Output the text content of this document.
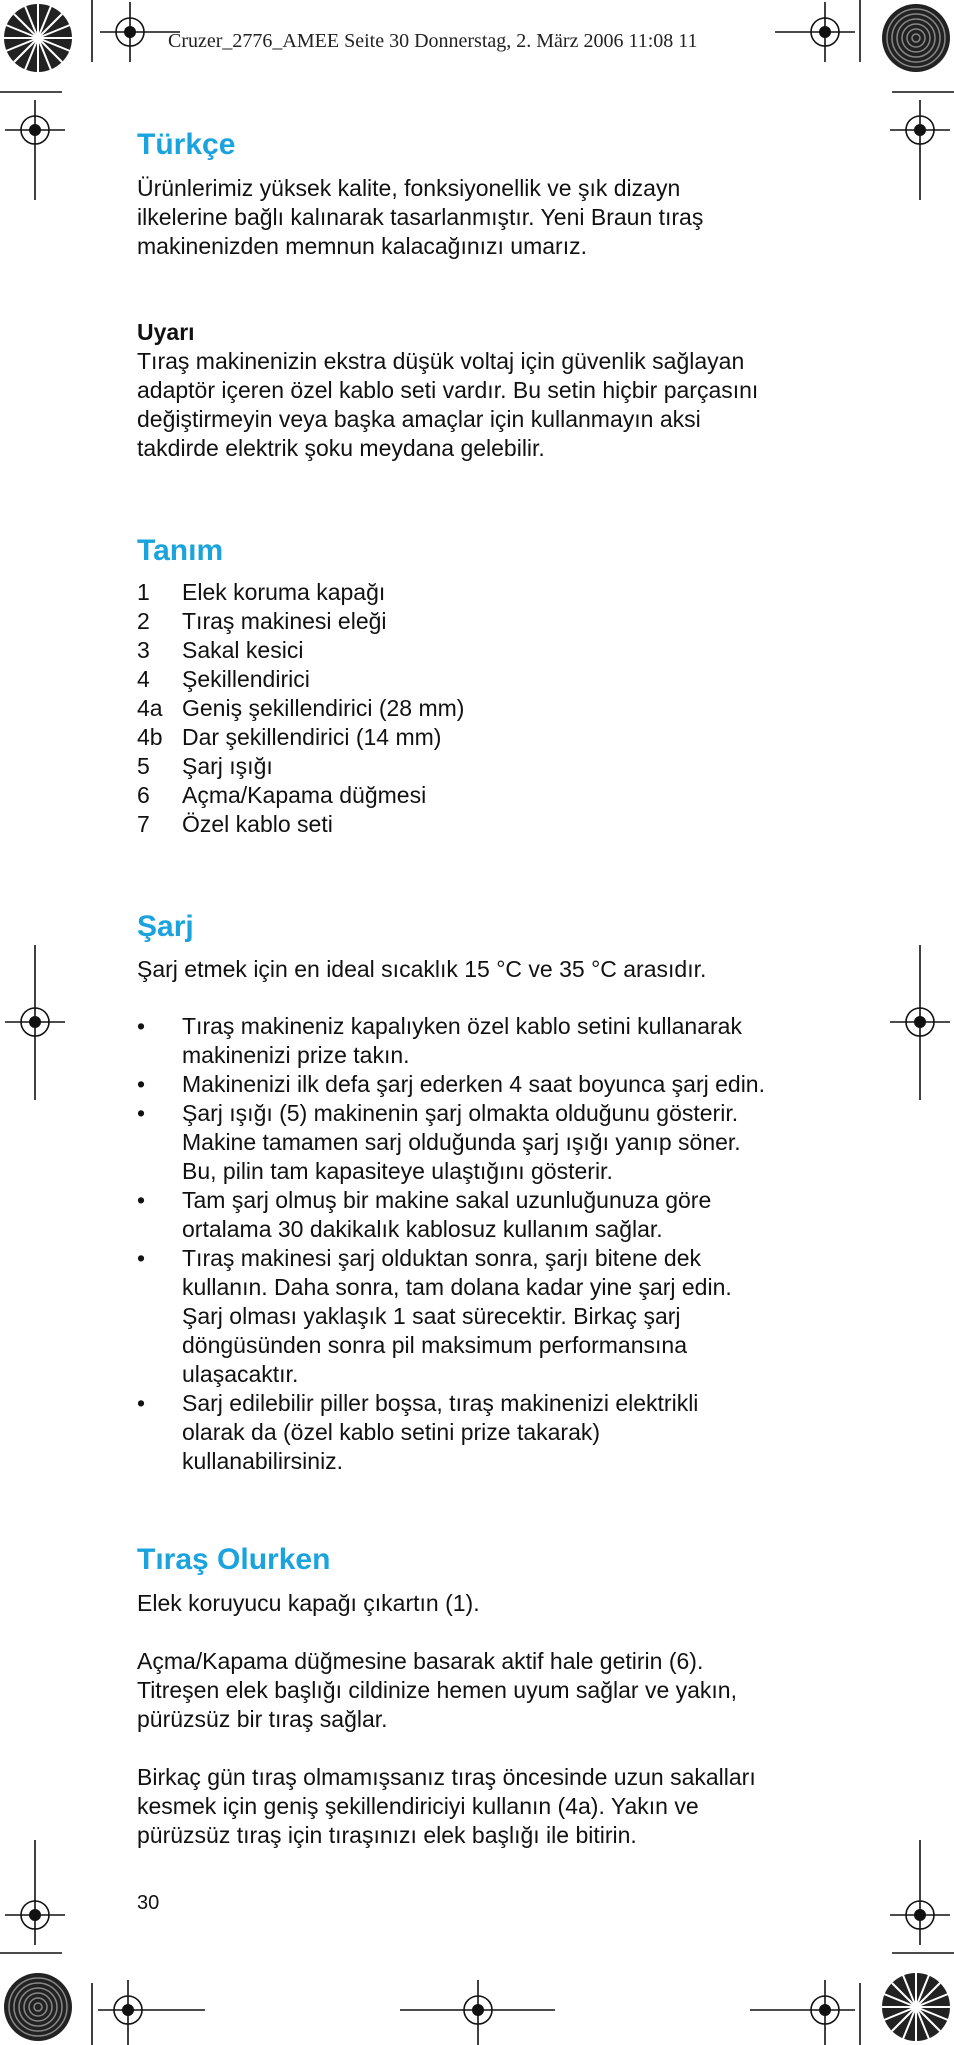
Cruzer_2776_AMEE Seite 30 Donnerstag, 2. März 2006 11:08 11
Türkçe
Ürünlerimiz yüksek kalite, fonksiyonellik ve şık dizayn
ilkelerine bağlı kalınarak tasarlanmıştır. Yeni Braun tıraş
makinenizden memnun kalacağınızı umarız.
Uyarı
Tıraş makinenizin ekstra düşük voltaj için güvenlik sağlayan
adaptör içeren özel kablo seti vardır. Bu setin hiçbir parçasını
değiştirmeyin veya başka amaçlar için kullanmayın aksi
takdirde elektrik şoku meydana gelebilir.
Tanım
1 Elek koruma kapağı
2 Tıraş makinesi eleği
3 Sakal kesici
4 Şekillendirici
4a Geniş şekillendirici (28 mm)
4b Dar şekillendirici (14 mm)
5 Şarj ışığı
6 Açma/Kapama düğmesi
7 Özel kablo seti
Şarj
Şarj etmek için en ideal sıcaklık 15 °C ve 35 °C arasıdır.
• Tıraş makineniz kapalıyken özel kablo setini kullanarak
makinenizi prize takın.
• Makinenizi ilk defa şarj ederken 4 saat boyunca şarj edin.
• Şarj ışığı (5) makinenin şarj olmakta olduğunu gösterir.
Makine tamamen sarj olduğunda şarj ışığı yanıp söner.
Bu, pilin tam kapasiteye ulaştığını gösterir.
• Tam şarj olmuş bir makine sakal uzunluğunuza göre
ortalama 30 dakikalık kablosuz kullanım sağlar.
• Tıraş makinesi şarj olduktan sonra, şarjı bitene dek
kullanın. Daha sonra, tam dolana kadar yine şarj edin.
Şarj olması yaklaşık 1 saat sürecektir. Birkaç şarj
döngüsünden sonra pil maksimum performansına
ulaşacaktır.
• Sarj edilebilir piller boşsa, tıraş makinenizi elektrikli
olarak da (özel kablo setini prize takarak)
kullanabilirsiniz.
Tıraş Olurken
Elek koruyucu kapağı çıkartın (1).
Açma/Kapama düğmesine basarak aktif hale getirin (6).
Titreşen elek başlığı cildinize hemen uyum sağlar ve yakın,
pürüzsüz bir tıraş sağlar.
Birkaç gün tıraş olmamışsanız tıraş öncesinde uzun sakalları
kesmek için geniş şekillendiriciyi kullanın (4a). Yakın ve
pürüzsüz tıraş için tıraşınızı elek başlığı ile bitirin.
30
